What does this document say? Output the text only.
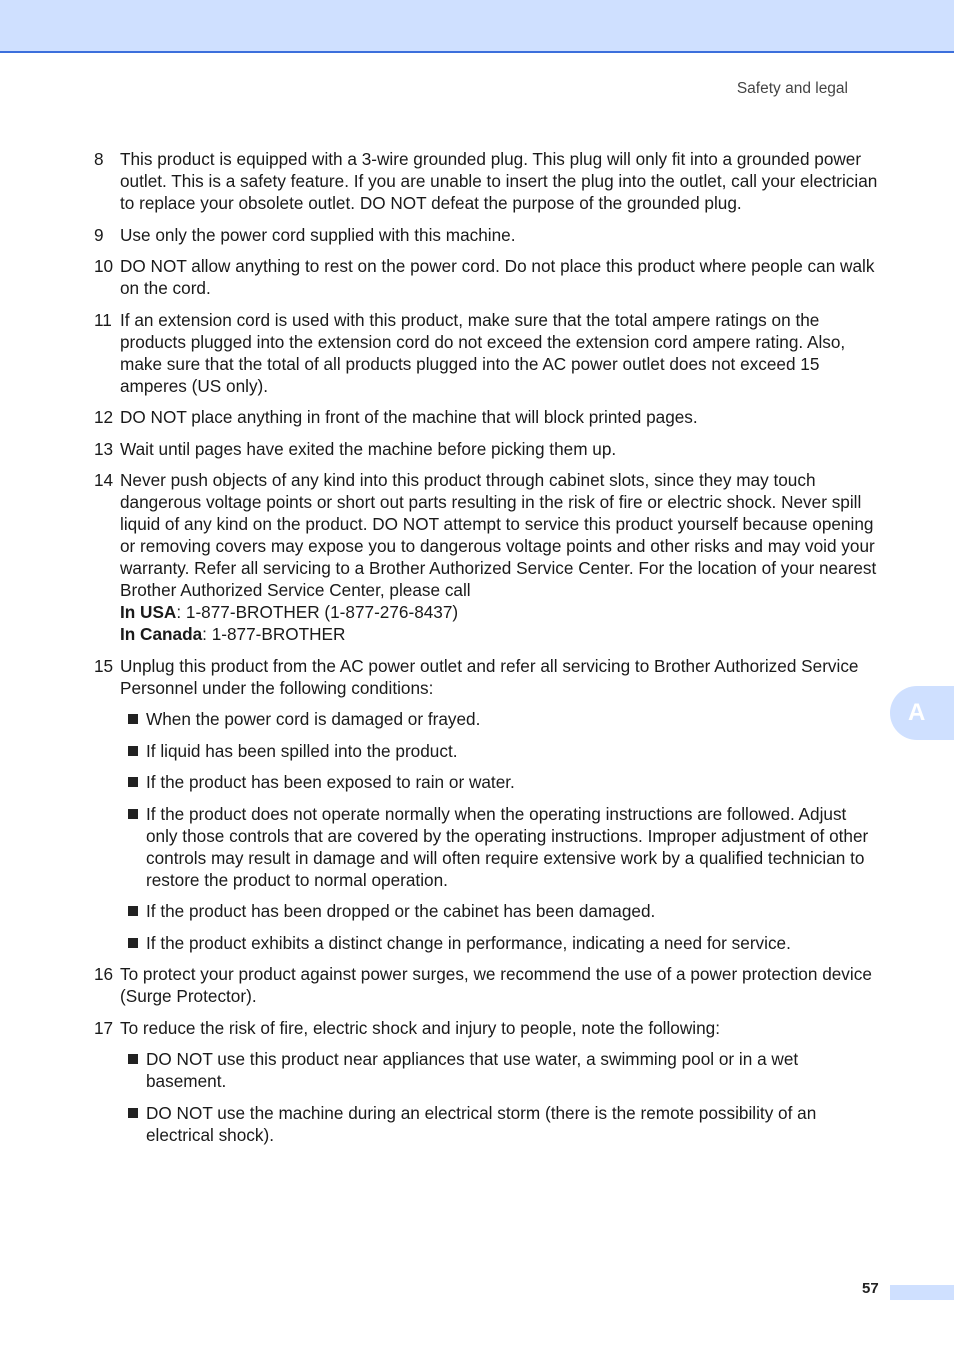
Safety and legal
8 This product is equipped with a 3-wire grounded plug. This plug will only fit into a grounded power outlet. This is a safety feature. If you are unable to insert the plug into the outlet, call your electrician to replace your obsolete outlet. DO NOT defeat the purpose of the grounded plug.
9 Use only the power cord supplied with this machine.
10 DO NOT allow anything to rest on the power cord. Do not place this product where people can walk on the cord.
11 If an extension cord is used with this product, make sure that the total ampere ratings on the products plugged into the extension cord do not exceed the extension cord ampere rating. Also, make sure that the total of all products plugged into the AC power outlet does not exceed 15 amperes (US only).
12 DO NOT place anything in front of the machine that will block printed pages.
13 Wait until pages have exited the machine before picking them up.
14 Never push objects of any kind into this product through cabinet slots, since they may touch dangerous voltage points or short out parts resulting in the risk of fire or electric shock. Never spill liquid of any kind on the product. DO NOT attempt to service this product yourself because opening or removing covers may expose you to dangerous voltage points and other risks and may void your warranty. Refer all servicing to a Brother Authorized Service Center. For the location of your nearest Brother Authorized Service Center, please call
In USA: 1-877-BROTHER (1-877-276-8437)
In Canada: 1-877-BROTHER
15 Unplug this product from the AC power outlet and refer all servicing to Brother Authorized Service Personnel under the following conditions:
When the power cord is damaged or frayed.
If liquid has been spilled into the product.
If the product has been exposed to rain or water.
If the product does not operate normally when the operating instructions are followed. Adjust only those controls that are covered by the operating instructions. Improper adjustment of other controls may result in damage and will often require extensive work by a qualified technician to restore the product to normal operation.
If the product has been dropped or the cabinet has been damaged.
If the product exhibits a distinct change in performance, indicating a need for service.
16 To protect your product against power surges, we recommend the use of a power protection device (Surge Protector).
17 To reduce the risk of fire, electric shock and injury to people, note the following:
DO NOT use this product near appliances that use water, a swimming pool or in a wet basement.
DO NOT use the machine during an electrical storm (there is the remote possibility of an electrical shock).
A
57
